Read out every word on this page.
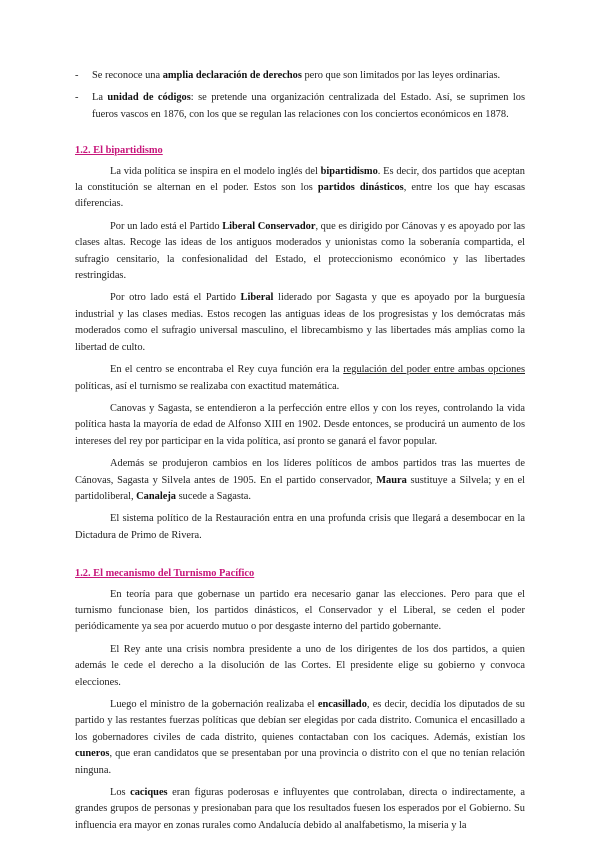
- Se reconoce una amplia declaración de derechos pero que son limitados por las leyes ordinarias.
- La unidad de códigos: se pretende una organización centralizada del Estado. Así, se suprimen los fueros vascos en 1876, con los que se regulan las relaciones con los conciertos económicos en 1878.
1.2. El bipartidismo

La vida política se inspira en el modelo inglés del bipartidismo. Es decir, dos partidos que aceptan la constitución se alternan en el poder. Estos son los partidos dinásticos, entre los que hay escasas diferencias.

Por un lado está el Partido Liberal Conservador, que es dirigido por Cánovas y es apoyado por las clases altas. Recoge las ideas de los antiguos moderados y unionistas como la soberanía compartida, el sufragio censitario, la confesionalidad del Estado, el proteccionismo económico y las libertades restringidas.

Por otro lado está el Partido Liberal liderado por Sagasta y que es apoyado por la burguesía industrial y las clases medias. Estos recogen las antiguas ideas de los progresistas y los demócratas más moderados como el sufragio universal masculino, el librecambismo y las libertades más amplias como la libertad de culto.

En el centro se encontraba el Rey cuya función era la regulación del poder entre ambas opciones políticas, así el turnismo se realizaba con exactitud matemática.

Canovas y Sagasta, se entendieron a la perfección entre ellos y con los reyes, controlando la vida política hasta la mayoría de edad de Alfonso XIII en 1902. Desde entonces, se producirá un aumento de los intereses del rey por participar en la vida política, así pronto se ganará el favor popular.

Además se produjeron cambios en los líderes políticos de ambos partidos tras las muertes de Cánovas, Sagasta y Silvela antes de 1905. En el partido conservador, Maura sustituye a Silvela; y en el partidoliberal, Canaleja sucede a Sagasta.

El sistema político de la Restauración entra en una profunda crisis que llegará a desembocar en la Dictadura de Primo de Rivera.

1.2. El mecanismo del Turnismo Pacífico

En teoría para que gobernase un partido era necesario ganar las elecciones. Pero para que el turnismo funcionase bien, los partidos dinásticos, el Conservador y el Liberal, se ceden el poder periódicamente ya sea por acuerdo mutuo o por desgaste interno del partido gobernante.

El Rey ante una crisis nombra presidente a uno de los dirigentes de los dos partidos, a quien además le cede el derecho a la disolución de las Cortes. El presidente elige su gobierno y convoca elecciones.

Luego el ministro de la gobernación realizaba el encasillado, es decir, decidía los diputados de su partido y las restantes fuerzas políticas que debían ser elegidas por cada distrito. Comunica el encasillado a los gobernadores civiles de cada distrito, quienes contactaban con los caciques. Además, existían los cuneros, que eran candidatos que se presentaban por una provincia o distrito con el que no tenían relación ninguna.

Los caciques eran figuras poderosas e influyentes que controlaban, directa o indirectamente, a grandes grupos de personas y presionaban para que los resultados fuesen los esperados por el Gobierno. Su influencia era mayor en zonas rurales como Andalucía debido al analfabetismo, la miseria y la
